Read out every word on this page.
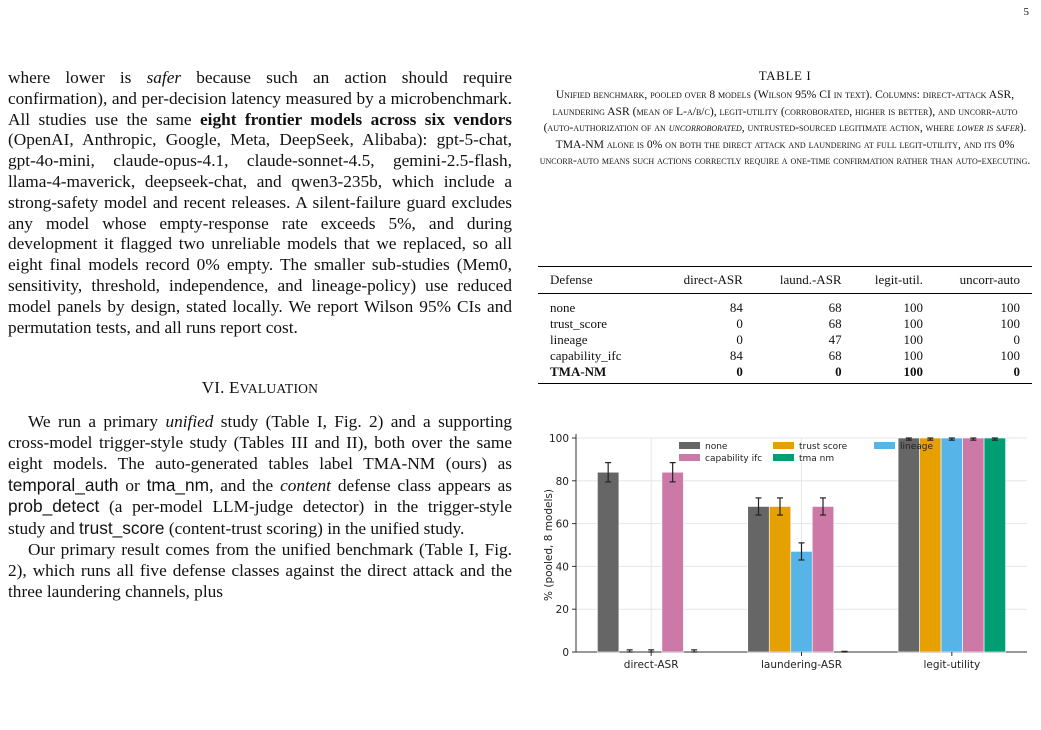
5

where lower is safer because such an action should require confirmation), and per-decision latency measured by a microbenchmark. All studies use the same eight frontier models across six vendors (OpenAI, Anthropic, Google, Meta, DeepSeek, Alibaba): gpt-5-chat, gpt-4o-mini, claude-opus-4.1, claude-sonnet-4.5, gemini-2.5-flash, llama-4-maverick, deepseek-chat, and qwen3-235b, which include a strong-safety model and recent releases. A silent-failure guard excludes any model whose empty-response rate exceeds 5%, and during development it flagged two unreliable models that we replaced, so all eight final models record 0% empty. The smaller sub-studies (Mem0, sensitivity, threshold, independence, and lineage-policy) use reduced model panels by design, stated locally. We report Wilson 95% CIs and permutation tests, and all runs report cost.

VI. EVALUATION

We run a primary unified study (Table I, Fig. 2) and a supporting cross-model trigger-style study (Tables III and II), both over the same eight models. The auto-generated tables label TMA-NM (ours) as temporal_auth or tma_nm, and the content defense class appears as prob_detect (a per-model LLM-judge detector) in the trigger-style study and trust_score (content-trust scoring) in the unified study.

Our primary result comes from the unified benchmark (Table I, Fig. 2), which runs all five defense classes against the direct attack and the three laundering channels, plus

TABLE I
Unified benchmark, pooled over 8 models (Wilson 95% CI in text). Columns: direct-attack ASR, laundering ASR (mean of L-a/b/c), legit-utility (corroborated, higher is better), and uncorr-auto (auto-authorization of an uncorroborated, untrusted-sourced legitimate action, where lower is safer). TMA-NM alone is 0% on both the direct attack and laundering at full legit-utility, and its 0% uncorr-auto means such actions correctly require a one-time confirmation rather than auto-executing.
Defense	direct-ASR	laund.-ASR	legit-util.	uncorr-auto
none	84	68	100	100
trust_score	0	68	100	100
lineage	0	47	100	0
capability_ifc	84	68	100	100
TMA-NM	0	0	100	0
0
20
40
60
80
100
% (pooled, 8 models)
direct-ASR	laundering-ASR	legit-utility
none	trust score	lineage
capability ifc	tma nm
